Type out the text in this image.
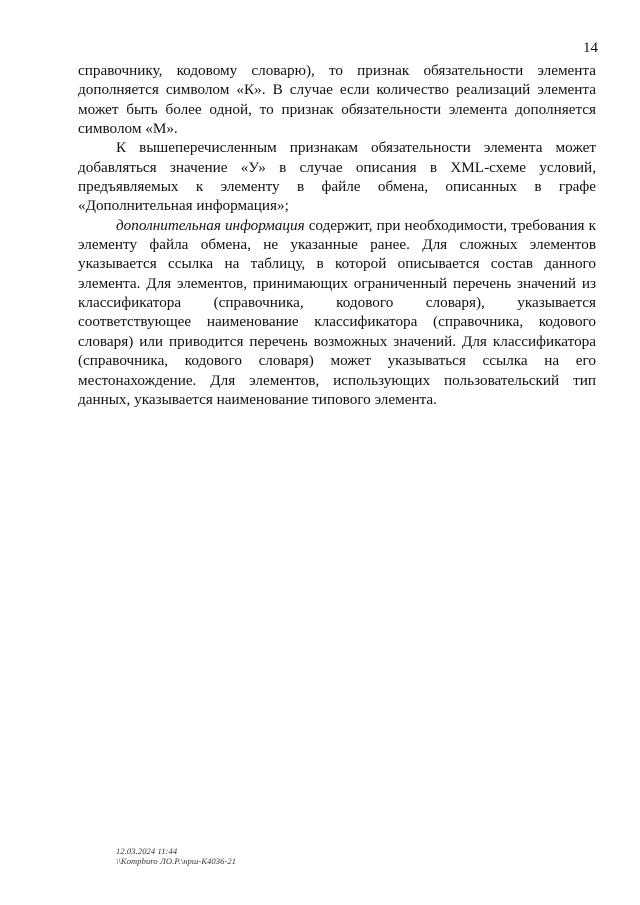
14

справочнику, кодовому словарю), то признак обязательности элемента

дополняется символом «К». В случае если количество реализаций элемента

может быть более одной, то признак обязательности элемента дополняется

символом «М».

К вышеперечисленным признакам обязательности элемента может

добавляться значение «У» в случае описания в XML-схеме условий,

предъявляемых к элементу в файле обмена, описанных в графе

«Дополнительная информация»;

дополнительная информация содержит, при необходимости, требования к

элементу файла обмена, не указанные ранее. Для сложных элементов

указывается ссылка на таблицу, в которой описывается состав данного

элемента. Для элементов, принимающих ограниченный перечень значений из

классификатора (справочника, кодового словаря), указывается

соответствующее наименование классификатора (справочника, кодового

словаря) или приводится перечень возможных значений. Для классификатора

(справочника, кодового словаря) может указываться ссылка на его

местонахождение. Для элементов, использующих пользовательский тип

данных, указывается наименование типового элемента.

12.03.2024 11:44
\\Kompburo ЛО.P.\нрш-К4036-21
